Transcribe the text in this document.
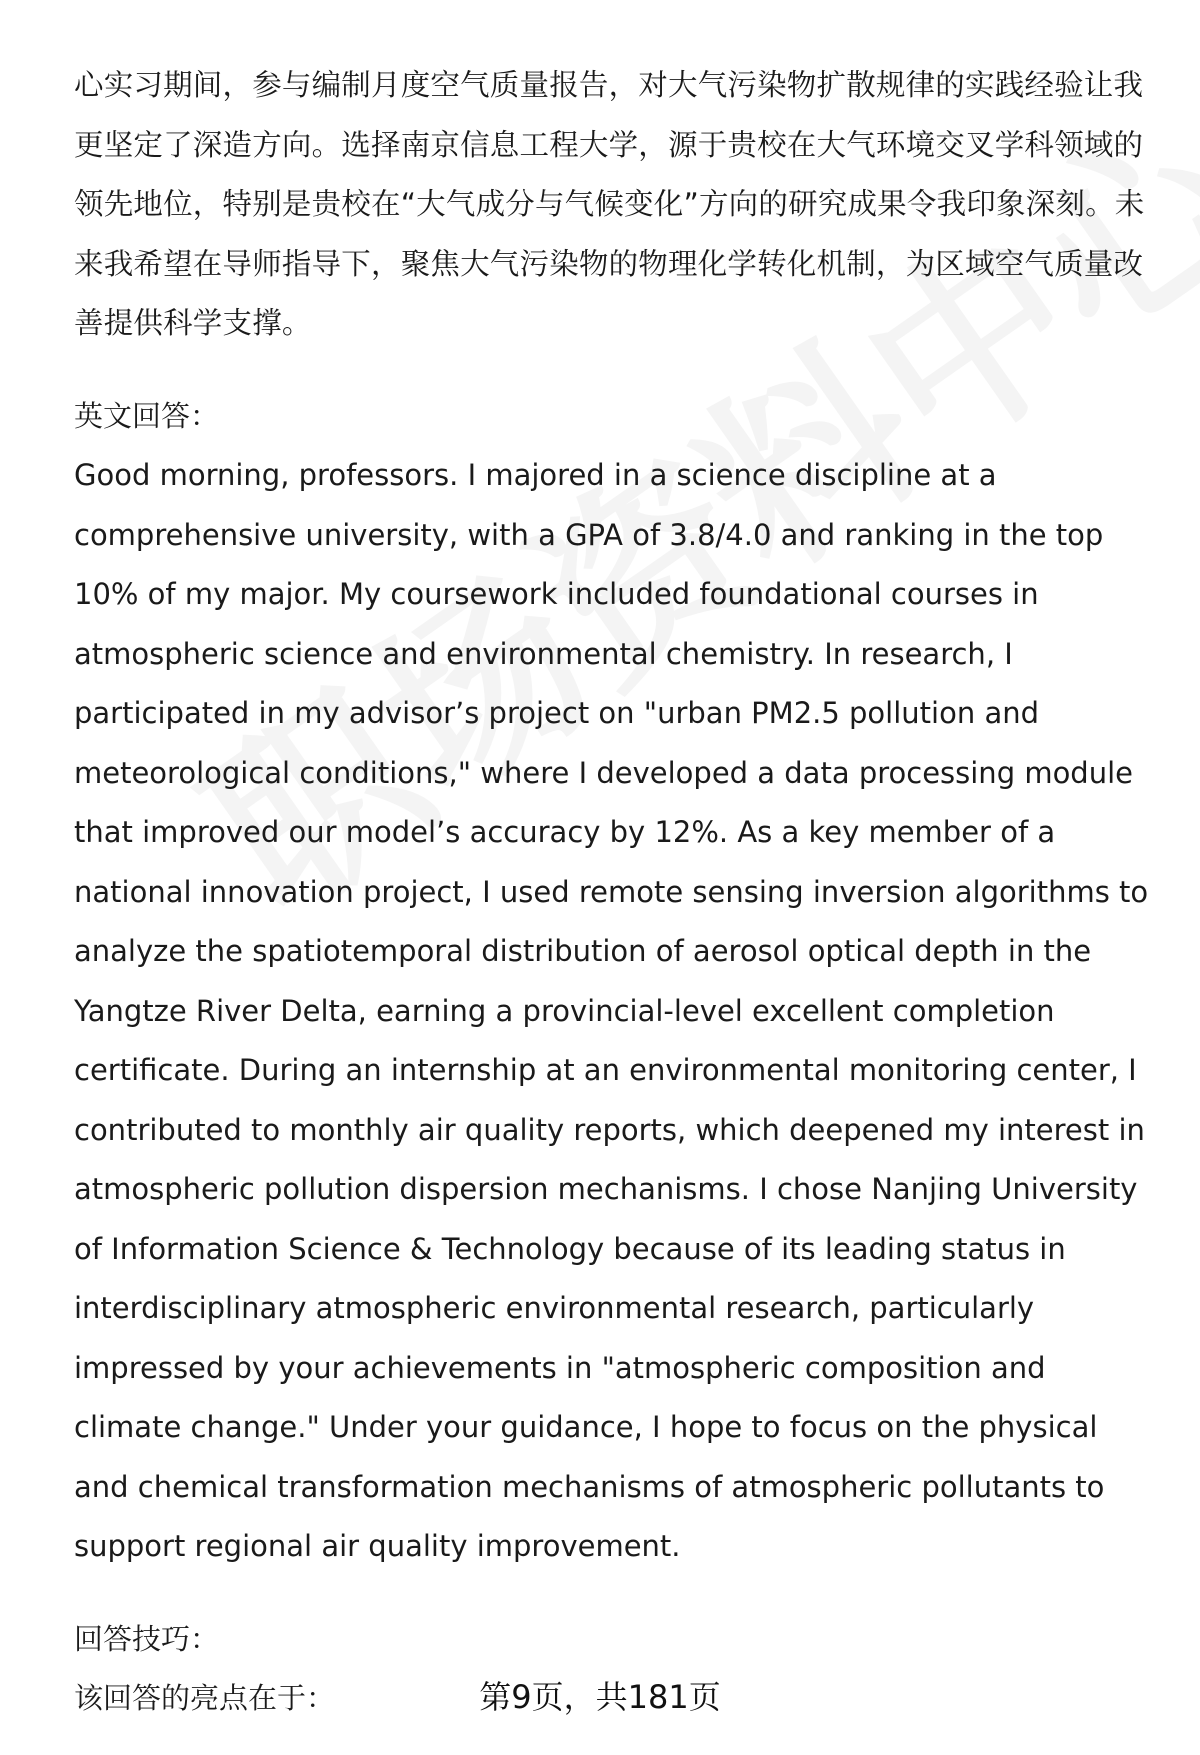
心实习期间，参与编制月度空气质量报告，对大气污染物扩散规律的实践经验让我更坚定了深造方向。选择南京信息工程大学，源于贵校在大气环境交叉学科领域的领先地位，特别是贵校在“大气成分与气候变化”方向的研究成果令我印象深刻。未来我希望在导师指导下，聚焦大气污染物的物理化学转化机制，为区域空气质量改善提供科学支撑。

英文回答：

Good morning, professors. I majored in a science discipline at a comprehensive university, with a GPA of 3.8/4.0 and ranking in the top 10% of my major. My coursework included foundational courses in atmospheric science and environmental chemistry. In research, I participated in my advisor’s project on "urban PM2.5 pollution and meteorological conditions," where I developed a data processing module that improved our model’s accuracy by 12%. As a key member of a national innovation project, I used remote sensing inversion algorithms to analyze the spatiotemporal distribution of aerosol optical depth in the Yangtze River Delta, earning a provincial-level excellent completion certificate. During an internship at an environmental monitoring center, I contributed to monthly air quality reports, which deepened my interest in atmospheric pollution dispersion mechanisms. I chose Nanjing University of Information Science & Technology because of its leading status in interdisciplinary atmospheric environmental research, particularly impressed by your achievements in "atmospheric composition and climate change." Under your guidance, I hope to focus on the physical and chemical transformation mechanisms of atmospheric pollutants to support regional air quality improvement.

回答技巧：

该回答的亮点在于：	第9页，共181页
